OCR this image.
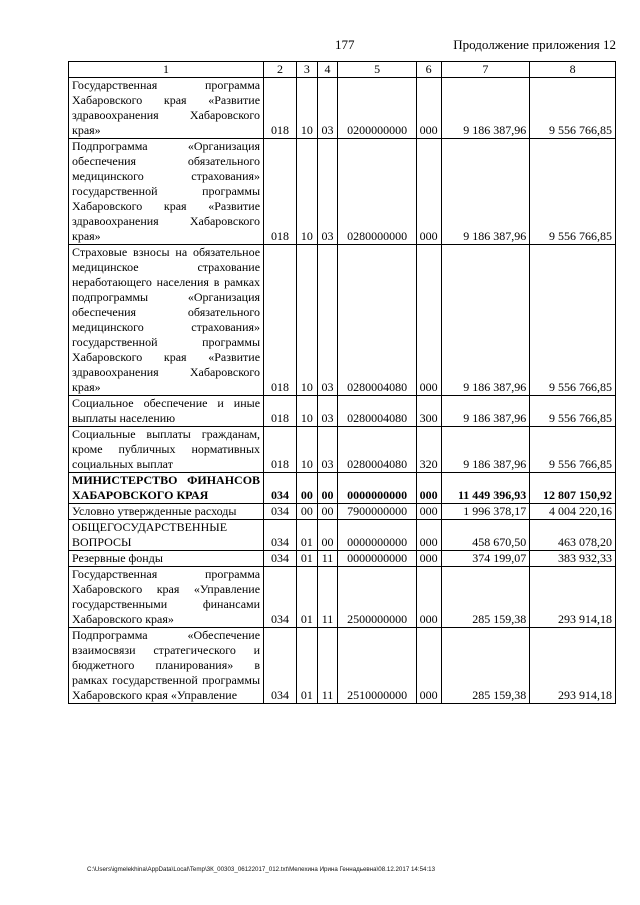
177	Продолжение приложения 12
1	2	3	4	5	6	7	8
Государственная программа Хабаровского края «Развитие здравоохранения Хабаровского края»	018	10	03	0200000000	000	9 186 387,96	9 556 766,85
Подпрограмма «Организация обеспечения обязательного медицинского страхования» государственной программы Хабаровского края «Развитие здравоохранения Хабаровского края»	018	10	03	0280000000	000	9 186 387,96	9 556 766,85
Страховые взносы на обязательное медицинское страхование неработающего населения в рамках подпрограммы «Организация обеспечения обязательного медицинского страхования» государственной программы Хабаровского края «Развитие здравоохранения Хабаровского края»	018	10	03	0280004080	000	9 186 387,96	9 556 766,85
Социальное обеспечение и иные выплаты населению	018	10	03	0280004080	300	9 186 387,96	9 556 766,85
Социальные выплаты гражданам, кроме публичных нормативных социальных выплат	018	10	03	0280004080	320	9 186 387,96	9 556 766,85
МИНИСТЕРСТВО ФИНАНСОВ ХАБАРОВСКОГО КРАЯ	034	00	00	0000000000	000	11 449 396,93	12 807 150,92
Условно утвержденные расходы	034	00	00	7900000000	000	1 996 378,17	4 004 220,16
ОБЩЕГОСУДАРСТВЕННЫЕ ВОПРОСЫ	034	01	00	0000000000	000	458 670,50	463 078,20
Резервные фонды	034	01	11	0000000000	000	374 199,07	383 932,33
Государственная программа Хабаровского края «Управление государственными финансами Хабаровского края»	034	01	11	2500000000	000	285 159,38	293 914,18
Подпрограмма «Обеспечение взаимосвязи стратегического и бюджетного планирования» в рамках государственной программы Хабаровского края «Управление	034	01	11	2510000000	000	285 159,38	293 914,18
C:\Users\igmelekhina\AppData\Local\Temp\3К_00303_06122017_012.txt\Мелехина Ирина Геннадьевна\08.12.2017 14:54:13
